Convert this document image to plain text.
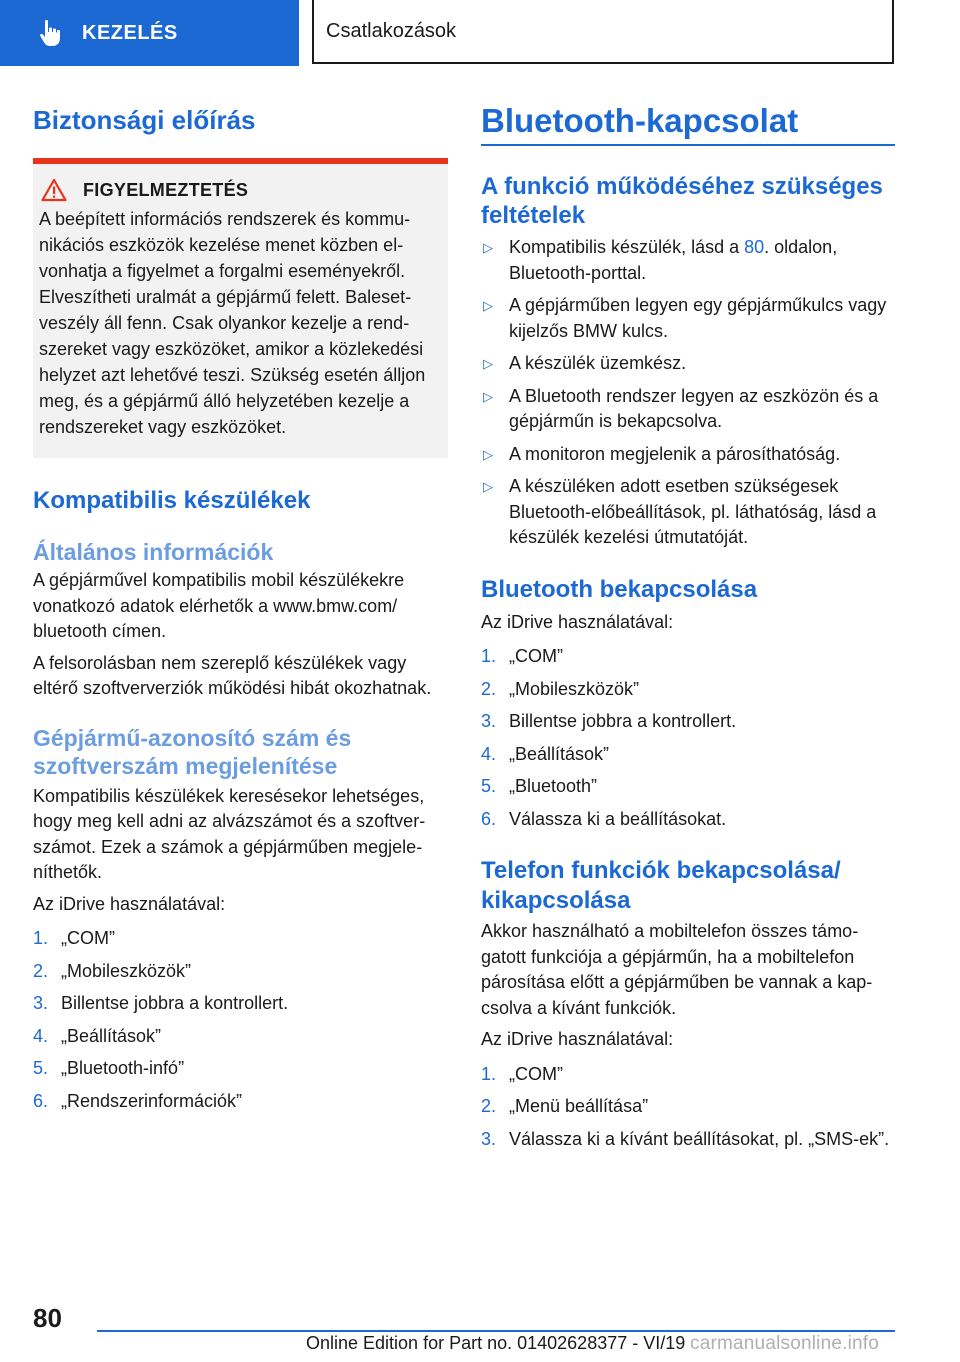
KEZELÉS	Csatlakozások
Biztonsági előírás
FIGYELMEZTETÉS

A beépített információs rendszerek és kommunikációs eszközök kezelése menet közben elvonhatja a figyelmet a forgalmi eseményekről. Elveszítheti uralmát a gépjármű felett. Balesetveszély áll fenn. Csak olyankor kezelje a rendszereket vagy eszközöket, amikor a közlekedési helyzet azt lehetővé teszi. Szükség esetén álljon meg, és a gépjármű álló helyzetében kezelje a rendszereket vagy eszközöket.

Kompatibilis készülékek
Általános információk

A gépjárművel kompatibilis mobil készülékekre vonatkozó adatok elérhetők a www.bmw.com/ bluetooth címen.

A felsorolásban nem szereplő készülékek vagy eltérő szoftververziók működési hibát okozhatnak.

Gépjármű-azonosító szám és szoftverszám megjelenítése

Kompatibilis készülékek keresésekor lehetséges, hogy meg kell adni az alvázszámot és a szoftverszámot. Ezek a számok a gépjárműben megjeleníthetők.

Az iDrive használatával:

1. „COM”
2. „Mobileszközök”
3. Billentse jobbra a kontrollert.
4. „Beállítások”
5. „Bluetooth-infó”
6. „Rendszerinformációk”
Bluetooth-kapcsolat
A funkció működéséhez szükséges feltételek
▷ Kompatibilis készülék, lásd a 80. oldalon, Bluetooth-porttal.
▷ A gépjárműben legyen egy gépjárműkulcs vagy kijelzős BMW kulcs.
▷ A készülék üzemkész.
▷ A Bluetooth rendszer legyen az eszközön és a gépjárműn is bekapcsolva.
▷ A monitoron megjelenik a párosíthatóság.
▷ A készüléken adott esetben szükségesek Bluetooth-előbeállítások, pl. láthatóság, lásd a készülék kezelési útmutatóját.
Bluetooth bekapcsolása

Az iDrive használatával:

1. „COM”
2. „Mobileszközök”
3. Billentse jobbra a kontrollert.
4. „Beállítások”
5. „Bluetooth”
6. Válassza ki a beállításokat.
Telefon funkciók bekapcsolása/ kikapcsolása

Akkor használható a mobiltelefon összes támogatott funkciója a gépjárműn, ha a mobiltelefon párosítása előtt a gépjárműben be vannak a kapcsolva a kívánt funkciók.

Az iDrive használatával:

1. „COM”
2. „Menü beállítása”
3. Válassza ki a kívánt beállításokat, pl. „SMS-ek”.
80
Online Edition for Part no. 01402628377 - VI/19 carmanualsonline.info
